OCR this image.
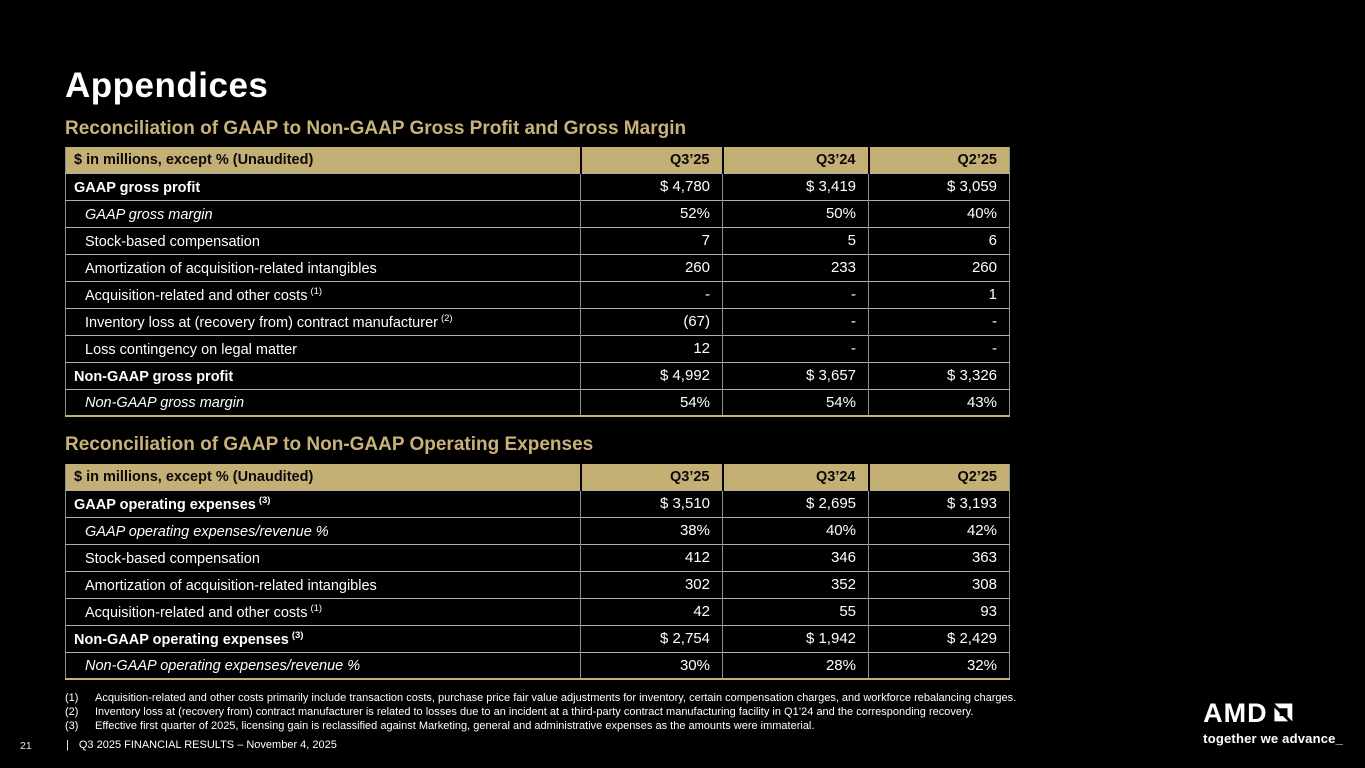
Appendices
Reconciliation of GAAP to Non-GAAP Gross Profit and Gross Margin
$ in millions, except % (Unaudited)	Q3’25	Q3’24	Q2’25
GAAP gross profit	$ 4,780	$ 3,419	$ 3,059
GAAP gross margin	52%	50%	40%
Stock-based compensation	7	5	6
Amortization of acquisition-related intangibles	260	233	260
Acquisition-related and other costs $^{(1)}$	-	-	1
Inventory loss at (recovery from) contract manufacturer $^{(2)}$	(67)	-	-
Loss contingency on legal matter	12	-	-
Non-GAAP gross profit	$ 4,992	$ 3,657	$ 3,326
Non-GAAP gross margin	54%	54%	43%
Reconciliation of GAAP to Non-GAAP Operating Expenses
$ in millions, except % (Unaudited)	Q3’25	Q3’24	Q2’25
GAAP operating expenses $^{(3)}$	$ 3,510	$ 2,695	$ 3,193
GAAP operating expenses/revenue %	38%	40%	42%
Stock-based compensation	412	346	363
Amortization of acquisition-related intangibles	302	352	308
Acquisition-related and other costs $^{(1)}$	42	55	93
Non-GAAP operating expenses $^{(3)}$	$ 2,754	$ 1,942	$ 2,429
Non-GAAP operating expenses/revenue %	30%	28%	32%
(1)	Acquisition-related and other costs primarily include transaction costs, purchase price fair value adjustments for inventory, certain compensation charges, and workforce rebalancing charges.
(2)	Inventory loss at (recovery from) contract manufacturer is related to losses due to an incident at a third-party contract manufacturing facility in Q1’24 and the corresponding recovery.
(3)	Effective first quarter of 2025, licensing gain is reclassified against Marketing, general and administrative expenses as the amounts were immaterial.
21	| Q3 2025 FINANCIAL RESULTS – November 4, 2025
AMD
together we advance_
